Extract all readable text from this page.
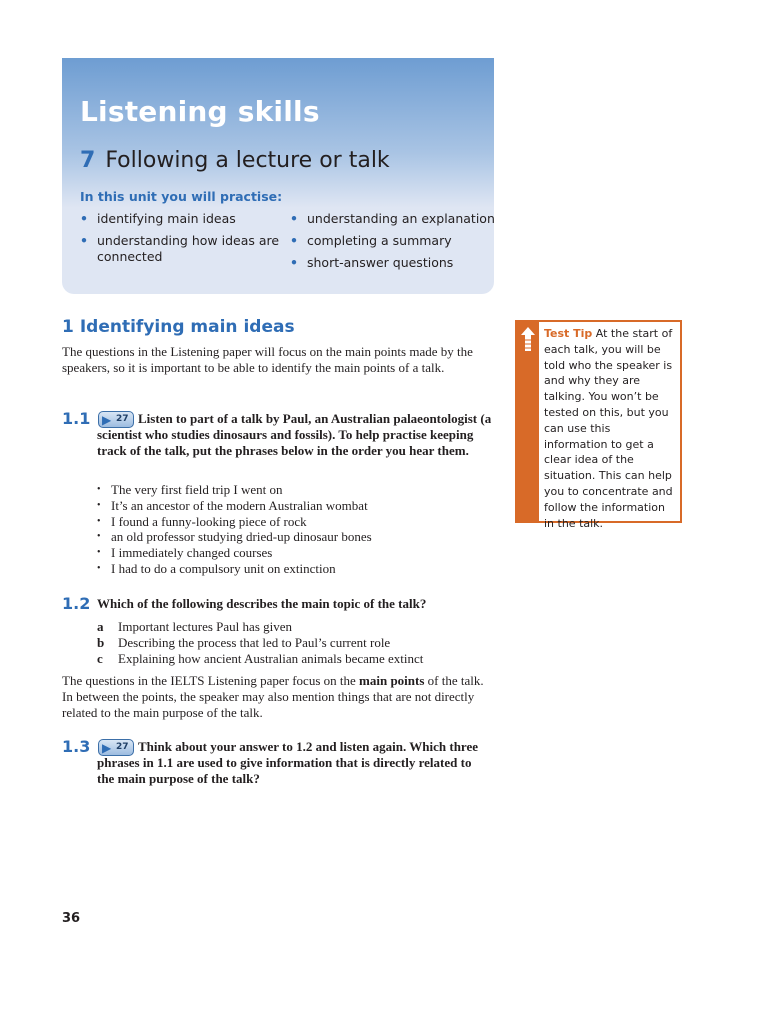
Listening skills
7 Following a lecture or talk
In this unit you will practise:
• identifying main ideas
• understanding how ideas are connected
• understanding an explanation
• completing a summary
• short-answer questions
1 Identifying main ideas
The questions in the Listening paper will focus on the main points made by the speakers, so it is important to be able to identify the main points of a talk.
1.1 ▶ 27 Listen to part of a talk by Paul, an Australian palaeontologist (a scientist who studies dinosaurs and fossils). To help practise keeping track of the talk, put the phrases below in the order you hear them.
• The very first field trip I went on
• It’s an ancestor of the modern Australian wombat
• I found a funny-looking piece of rock
• an old professor studying dried-up dinosaur bones
• I immediately changed courses
• I had to do a compulsory unit on extinction
1.2 Which of the following describes the main topic of the talk?
a Important lectures Paul has given
b Describing the process that led to Paul’s current role
c Explaining how ancient Australian animals became extinct
The questions in the IELTS Listening paper focus on the main points of the talk. In between the points, the speaker may also mention things that are not directly related to the main purpose of the talk.
1.3 ▶ 27 Think about your answer to 1.2 and listen again. Which three phrases in 1.1 are used to give information that is directly related to the main purpose of the talk?
Test Tip At the start of each talk, you will be told who the speaker is and why they are talking. You won’t be tested on this, but you can use this information to get a clear idea of the situation. This can help you to concentrate and follow the information in the talk.
36
